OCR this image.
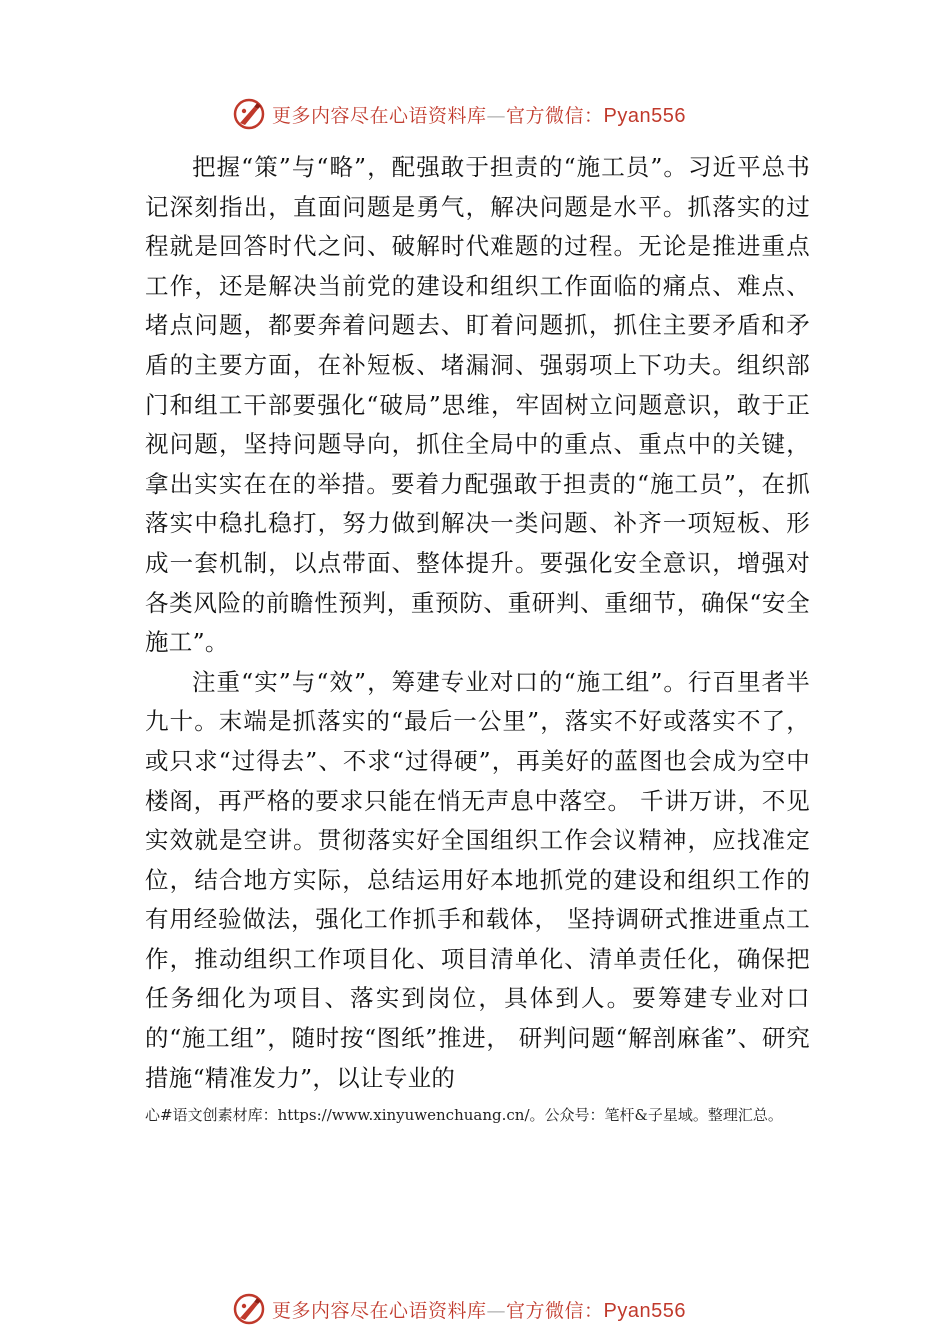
更多内容尽在心语资料库—官方微信：Pyan556

把握“策”与“略”，配强敢于担责的“施工员”。习近平总书记深刻指出，直面问题是勇气，解决问题是水平。抓落实的过程就是回答时代之问、破解时代难题的过程。无论是推进重点工作，还是解决当前党的建设和组织工作面临的痛点、难点、堵点问题，都要奔着问题去、盯着问题抓，抓住主要矛盾和矛盾的主要方面，在补短板、堵漏洞、强弱项上下功夫。组织部门和组工干部要强化“破局”思维，牢固树立问题意识，敢于正视问题，坚持问题导向，抓住全局中的重点、重点中的关键，拿出实实在在的举措。要着力配强敢于担责的“施工员”，在抓落实中稳扎稳打，努力做到解决一类问题、补齐一项短板、形成一套机制，以点带面、整体提升。要强化安全意识，增强对各类风险的前瞻性预判，重预防、重研判、重细节，确保“安全施工”。

注重“实”与“效”，筹建专业对口的“施工组”。行百里者半九十。末端是抓落实的“最后一公里”，落实不好或落实不了，或只求“过得去”、不求“过得硬”，再美好的蓝图也会成为空中楼阁，再严格的要求只能在悄无声息中落空。 千讲万讲，不见实效就是空讲。贯彻落实好全国组织工作会议精神，应找准定位，结合地方实际，总结运用好本地抓党的建设和组织工作的有用经验做法，强化工作抓手和载体， 坚持调研式推进重点工作，推动组织工作项目化、项目清单化、清单责任化，确保把任务细化为项目、落实到岗位，具体到人。要筹建专业对口的“施工组”，随时按“图纸”推进， 研判问题“解剖麻雀”、研究措施“精准发力”，以让专业的

心#语文创素材库：https://www.xinyuwenchuang.cn/。公众号：笔杆&子星域。整理汇总。
更多内容尽在心语资料库—官方微信：Pyan556
